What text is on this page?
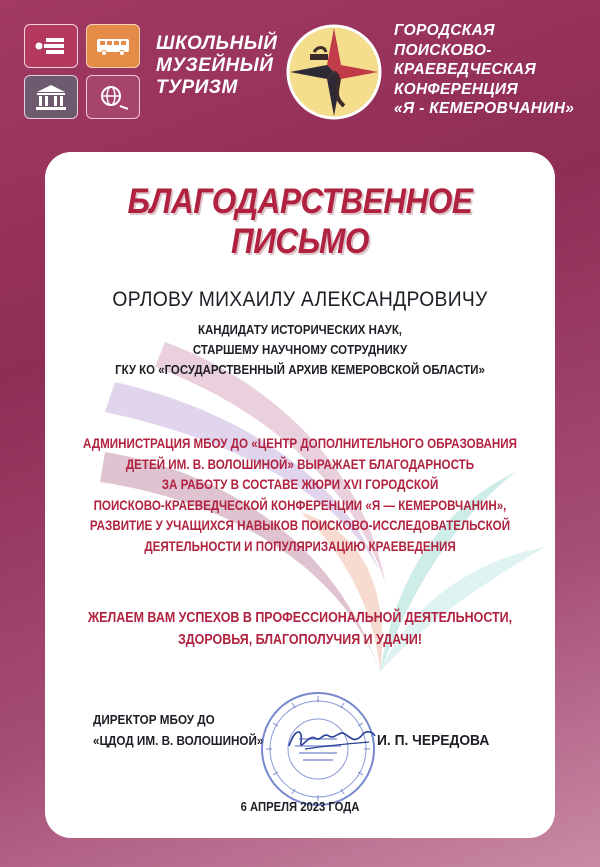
ШКОЛЬНЫЙ
МУЗЕЙНЫЙ
ТУРИЗМ
ГОРОДСКАЯ
ПОИСКОВО-
КРАЕВЕДЧЕСКАЯ
КОНФЕРЕНЦИЯ
«Я - КЕМЕРОВЧАНИН»
БЛАГОДАРСТВЕННОЕ ПИСЬМО
ОРЛОВУ МИХАИЛУ АЛЕКСАНДРОВИЧУ
КАНДИДАТУ ИСТОРИЧЕСКИХ НАУК,
СТАРШЕМУ НАУЧНОМУ СОТРУДНИКУ
ГКУ КО «ГОСУДАРСТВЕННЫЙ АРХИВ КЕМЕРОВСКОЙ ОБЛАСТИ»
АДМИНИСТРАЦИЯ МБОУ ДО «ЦЕНТР ДОПОЛНИТЕЛЬНОГО ОБРАЗОВАНИЯ
ДЕТЕЙ ИМ. В. ВОЛОШИНОЙ» ВЫРАЖАЕТ БЛАГОДАРНОСТЬ
ЗА РАБОТУ В СОСТАВЕ ЖЮРИ XVI ГОРОДСКОЙ
ПОИСКОВО-КРАЕВЕДЧЕСКОЙ КОНФЕРЕНЦИИ «Я — КЕМЕРОВЧАНИН»,
РАЗВИТИЕ У УЧАЩИХСЯ НАВЫКОВ ПОИСКОВО-ИССЛЕДОВАТЕЛЬСКОЙ
ДЕЯТЕЛЬНОСТИ И ПОПУЛЯРИЗАЦИЮ КРАЕВЕДЕНИЯ
ЖЕЛАЕМ ВАМ УСПЕХОВ В ПРОФЕССИОНАЛЬНОЙ ДЕЯТЕЛЬНОСТИ,
ЗДОРОВЬЯ, БЛАГОПОЛУЧИЯ И УДАЧИ!
ДИРЕКТОР МБОУ ДО
«ЦДОД ИМ. В. ВОЛОШИНОЙ»	И. П. ЧЕРЕДОВА
6 АПРЕЛЯ 2023 ГОДА
